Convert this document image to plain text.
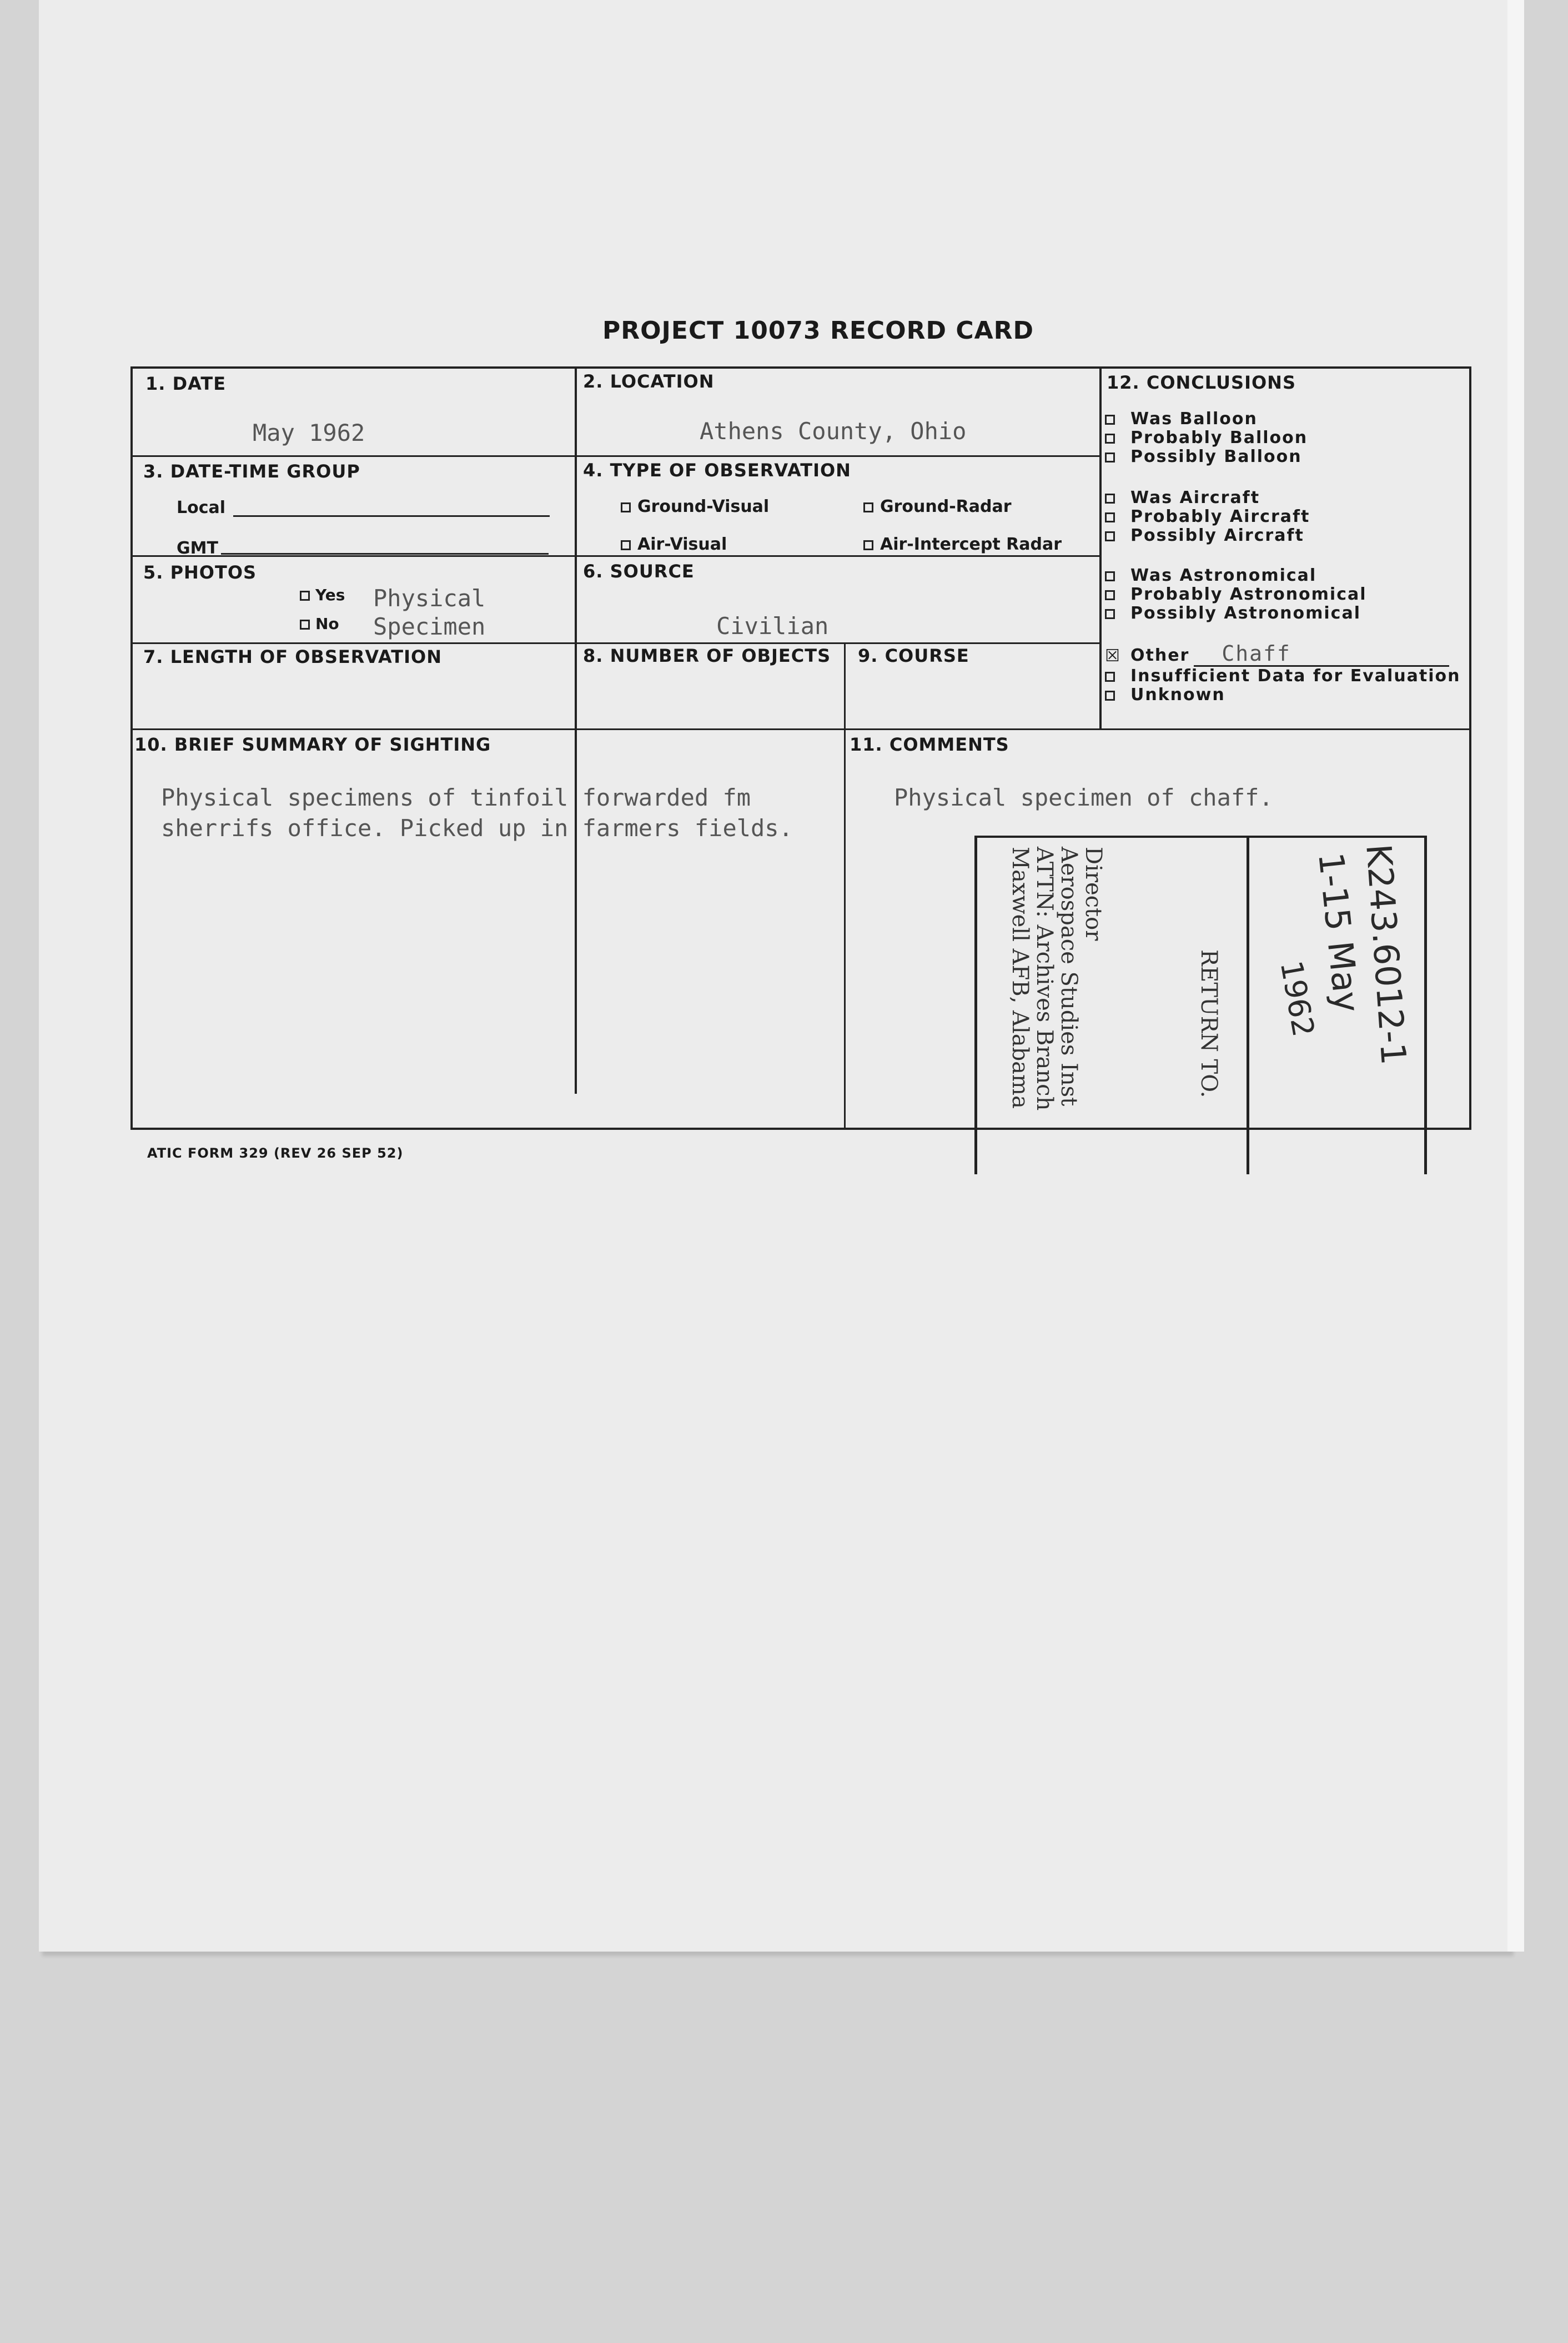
PROJECT 10073 RECORD CARD
1. DATE
May 1962
2. LOCATION
Athens County, Ohio
3. DATE-TIME GROUP
Local
GMT
4. TYPE OF OBSERVATION
Ground-Visual	Ground-Radar
Air-Visual	Air-Intercept Radar
5. PHOTOS
Yes
No
Physical
Specimen
6. SOURCE
Civilian
7. LENGTH OF OBSERVATION	8. NUMBER OF OBJECTS 9. COURSE
12. CONCLUSIONS
Was Balloon
Probably Balloon
Possibly Balloon
Was Aircraft
Probably Aircraft
Possibly Aircraft
Was Astronomical
Probably Astronomical
Possibly Astronomical
☒ Other Chaff
Insufficient Data for Evaluation
Unknown
10. BRIEF SUMMARY OF SIGHTING
Physical specimens of tinfoil forwarded fm
sherrifs office. Picked up in farmers fields.
11. COMMENTS
Physical specimen of chaff.
Director
Aerospace Studies Inst
ATTN: Archives Branch
Maxwell AFB, Alabama	RETURN TO.	K243.6012-1
1-15 May
1962
ATIC FORM 329 (REV 26 SEP 52)
